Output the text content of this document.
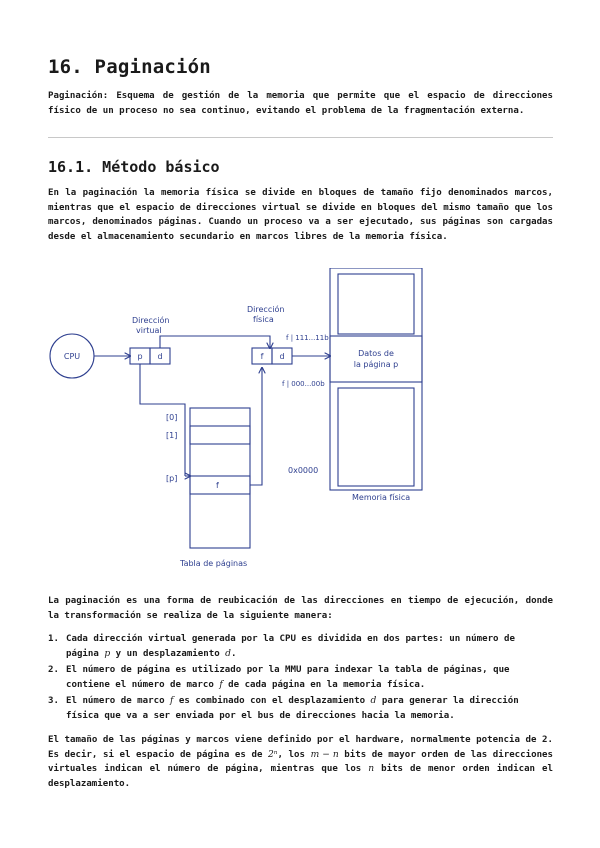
16. Paginación
Paginación: Esquema de gestión de la memoria que permite que el espacio de direcciones físico de un proceso no sea continuo, evitando el problema de la fragmentación externa.
16.1. Método básico
En la paginación la memoria física se divide en bloques de tamaño fijo denominados marcos, mientras que el espacio de direcciones virtual se divide en bloques del mismo tamaño que los marcos, denominados páginas. Cuando un proceso va a ser ejecutado, sus páginas son cargadas desde el almacenamiento secundario en marcos libres de la memoria física.
CPU
Dirección
virtual
p d
[0]
[1]
[p]
f
Tabla de páginas
Dirección
física
f d	Datos de
la página p
f | 111...11b
f | 000...00b
0x0000
Memoria física
La paginación es una forma de reubicación de las direcciones en tiempo de ejecución, donde la transformación se realiza de la siguiente manera:
1. Cada dirección virtual generada por la CPU es dividida en dos partes: un número de página p y un desplazamiento d.
2. El número de página es utilizado por la MMU para indexar la tabla de páginas, que contiene el número de marco f de cada página en la memoria física.
3. El número de marco f es combinado con el desplazamiento d para generar la dirección física que va a ser enviada por el bus de direcciones hacia la memoria.
El tamaño de las páginas y marcos viene definido por el hardware, normalmente potencia de 2. Es decir, si el espacio de página es de 2ⁿ, los m − n bits de mayor orden de las direcciones virtuales indican el número de página, mientras que los n bits de menor orden indican el desplazamiento.
